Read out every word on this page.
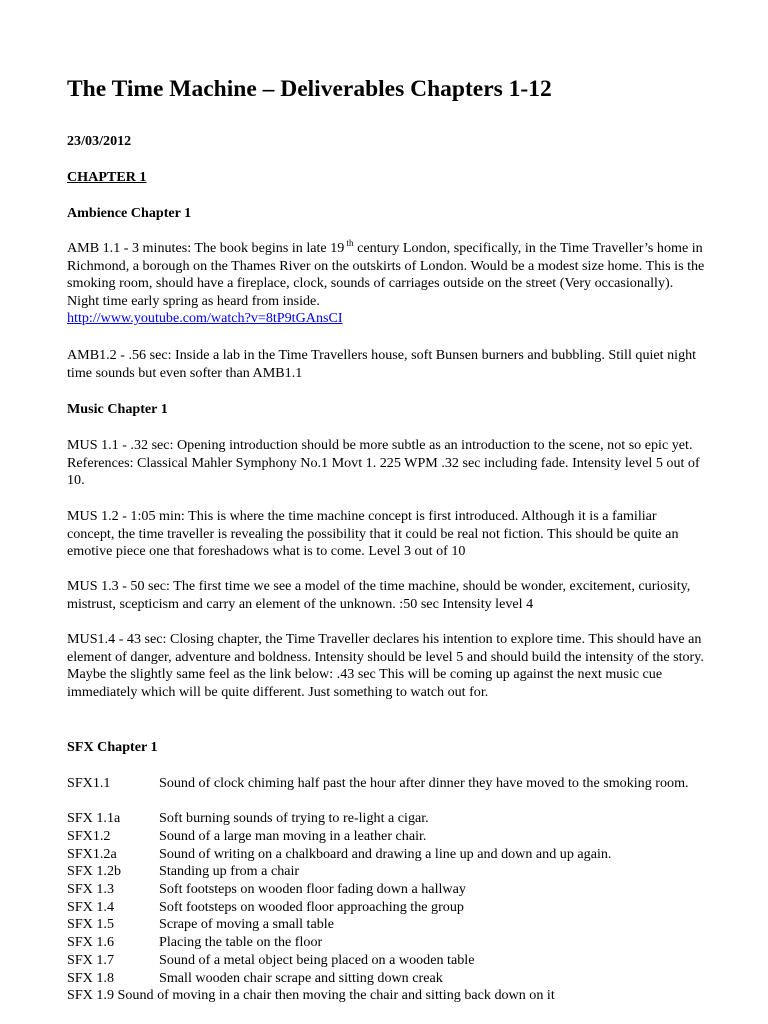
The Time Machine – Deliverables Chapters 1-12
23/03/2012
CHAPTER 1
Ambience Chapter 1

AMB 1.1 - 3 minutes: The book begins in late 19 $^{th}$ century London, specifically, in the Time Traveller’s home in Richmond, a borough on the Thames River on the outskirts of London. Would be a modest size home. This is the smoking room, should have a fireplace, clock, sounds of carriages outside on the street (Very occasionally). Night time early spring as heard from inside.
http://www.youtube.com/watch?v=8tP9tGAnsCI

AMB1.2 - .56 sec: Inside a lab in the Time Travellers house, soft Bunsen burners and bubbling. Still quiet night time sounds but even softer than AMB1.1

Music Chapter 1

MUS 1.1 - .32 sec: Opening introduction should be more subtle as an introduction to the scene, not so epic yet. References: Classical Mahler Symphony No.1 Movt 1. 225 WPM .32 sec including fade. Intensity level 5 out of 10.

MUS 1.2 - 1:05 min: This is where the time machine concept is first introduced. Although it is a familiar concept, the time traveller is revealing the possibility that it could be real not fiction. This should be quite an emotive piece one that foreshadows what is to come. Level 3 out of 10

MUS 1.3 - 50 sec: The first time we see a model of the time machine, should be wonder, excitement, curiosity, mistrust, scepticism and carry an element of the unknown. :50 sec Intensity level 4

MUS1.4 - 43 sec: Closing chapter, the Time Traveller declares his intention to explore time. This should have an element of danger, adventure and boldness. Intensity should be level 5 and should build the intensity of the story. Maybe the slightly same feel as the link below: .43 sec This will be coming up against the next music cue immediately which will be quite different. Just something to watch out for.

SFX Chapter 1
SFX1.1	Sound of clock chiming half past the hour after dinner they have moved to the smoking room.
SFX 1.1a	Soft burning sounds of trying to re-light a cigar.
SFX1.2	Sound of a large man moving in a leather chair.
SFX1.2a	Sound of writing on a chalkboard and drawing a line up and down and up again.
SFX 1.2b	Standing up from a chair
SFX 1.3	Soft footsteps on wooden floor fading down a hallway
SFX 1.4	Soft footsteps on wooded floor approaching the group
SFX 1.5	Scrape of moving a small table
SFX 1.6	Placing the table on the floor
SFX 1.7	Sound of a metal object being placed on a wooden table
SFX 1.8	Small wooden chair scrape and sitting down creak
SFX 1.9 Sound of moving in a chair then moving the chair and sitting back down on it
